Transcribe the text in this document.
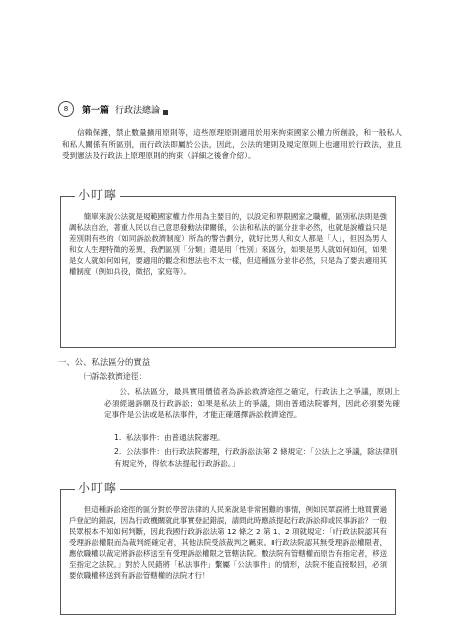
8	第一篇 行政法總論

信賴保護，禁止數量擴用原則等，這些原理原則適用於用來拘束國家公權力所創設，和一般私人和私人關係有所區別，而行政法即屬於公法，因此，公法的建則及規定原則上也適用於行政法，並且受到憲法及行政法上原理原則的拘束（詳細之後會介紹）。

小叮嚀

簡單來說公法就是規範國家權力作用為主要目的，以設定和界限國家之職權，區別私法則是強調私法自治，著重人民以自己意思發動法律關係，公法和私法的區分並非必然，也就是說權益只是差別則有些的（如同訴訟救濟制度）所為的警告劃分，就好比男人和女人都是「人」，但因為男人和女人生理特徵的差異，我們區別「分類」還是用「性別」來區分，如果是男人就如何如何，如果是女人就如何如何，要適用的觀念和想法也不太一樣，但這種區分並非必然，只是為了要去適用其權制度（例如兵役，徵招，家庭等）。

一、公、私法區分的實益

㈠訴訟救濟途徑：

公、私法區分，最具實用價值者為訴訟救濟途徑之確定，行政法上之爭議，原則上必須經過訴願及行政訴訟；如果是私法上的爭議，則由普通法院審判，因此必須要先確定事件是公法或是私法事件，才能正確選擇訴訟救濟途徑。

1. 私法事件：由普通法院審理。

2. 公法事件：由行政法院審理，行政訴訟法第 2 條規定：「公法上之爭議，除法律別有規定外，得依本法提起行政訴訟。」

小叮嚀

但這種訴訟途徑的區分對於學習法律的人民來說是非常困難的事情，例如民眾誤將土地買賣過戶登記的錯誤，因為行政機關就此事實登記錯誤，請問此時應該提起行政訴訟抑或民事訴訟？一般民眾根本不知如何判斷，因此我國行政訴訟法第 12 條之 2 第 1、2 項就規定：「Ⅰ行政法院認其有受理訴訟權限而為裁判經確定者，其他法院受該裁判之羈束。Ⅱ行政法院認其無受理訴訟權限者，應依職權以裁定將訴訟移送至有受理訴訟權限之管轄法院。數法院有管轄權而原告有指定者，移送至指定之法院。」對於人民錯將「私法事件」繫屬「公法事件」的情形，法院不能直接駁回，必須要依職權移送到有訴訟管轄權的法院才行！
